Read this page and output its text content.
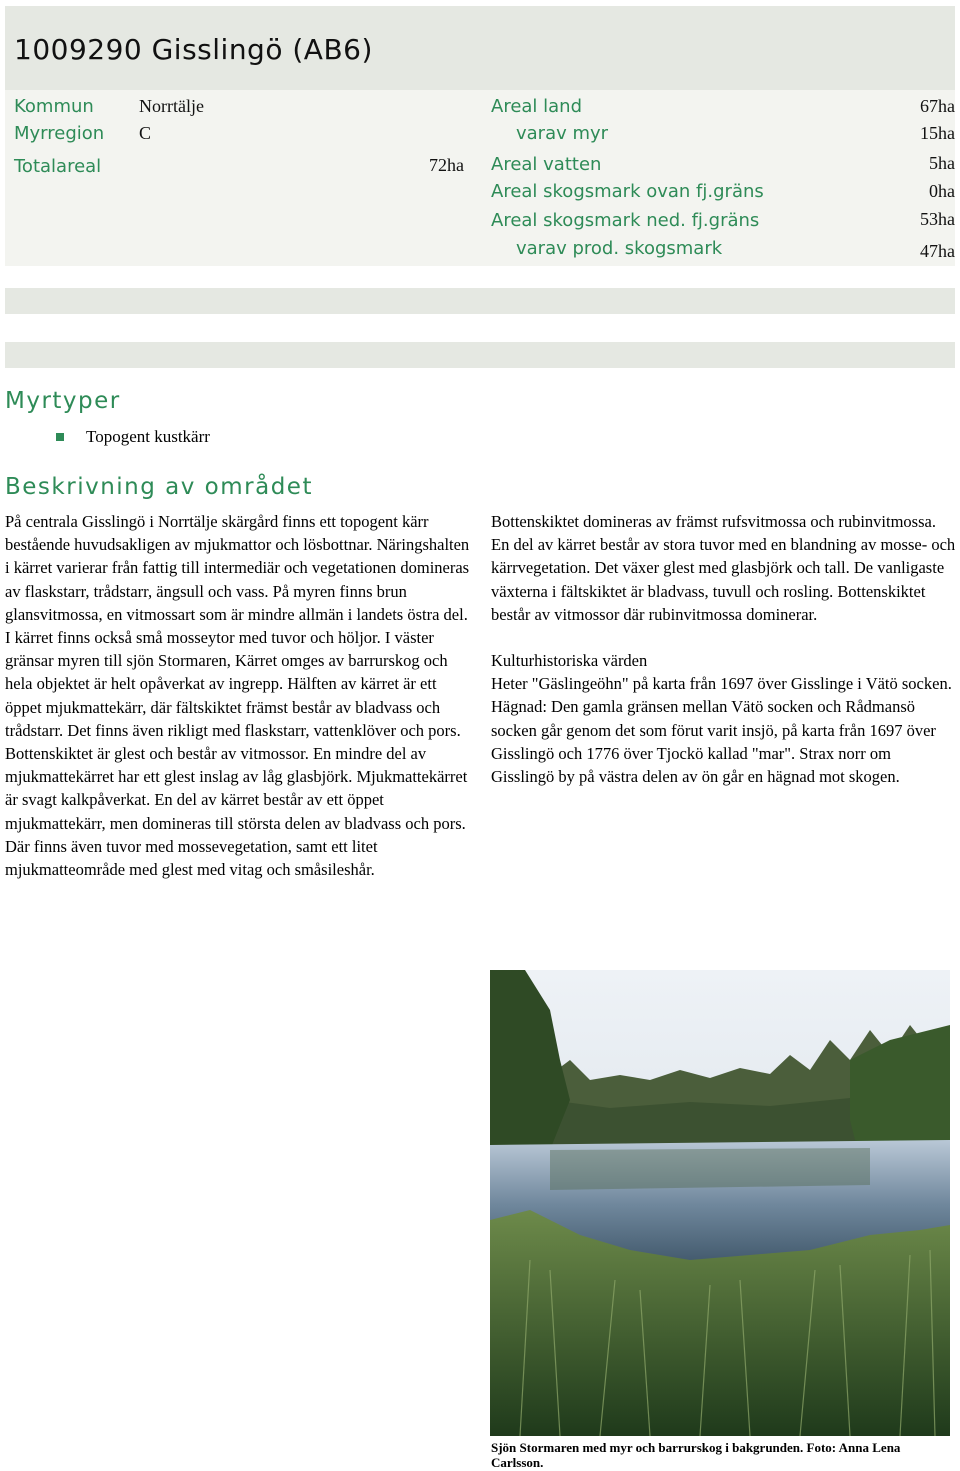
1009290 Gisslingö (AB6)
Kommun	Norrtälje
Myrregion C
Totalareal	72ha
Areal land	67ha
varav myr	15ha
Areal vatten	5ha
Areal skogsmark ovan fj.gräns	0ha
Areal skogsmark ned. fj.gräns	53ha
varav prod. skogsmark	47ha
Myrtyper
Topogent kustkärr
Beskrivning av området

På centrala Gisslingö i Norrtälje skärgård finns ett topogent kärr bestående huvudsakligen av mjukmattor och lösbottnar. Näringshalten i kärret varierar från fattig till intermediär och vegetationen domineras av flaskstarr, trådstarr, ängsull och vass. På myren finns brun glansvitmossa, en vitmossart som är mindre allmän i landets östra del. I kärret finns också små mosseytor med tuvor och höljor. I väster gränsar myren till sjön Stormaren, Kärret omges av barrurskog och hela objektet är helt opåverkat av ingrepp. Hälften av kärret är ett öppet mjukmattekärr, där fältskiktet främst består av bladvass och trådstarr. Det finns även rikligt med flaskstarr, vattenklöver och pors. Bottenskiktet är glest och består av vitmossor. En mindre del av mjukmattekärret har ett glest inslag av låg glasbjörk. Mjukmattekärret är svagt kalkpåverkat. En del av kärret består av ett öppet mjukmattekärr, men domineras till största delen av bladvass och pors. Där finns även tuvor med mossevegetation, samt ett litet mjukmatteområde med glest med vitag och småsileshår.

Bottenskiktet domineras av främst rufsvitmossa och rubinvitmossa. En del av kärret består av stora tuvor med en blandning av mosse- och kärrvegetation. Det växer glest med glasbjörk och tall. De vanligaste växterna i fältskiktet är bladvass, tuvull och rosling. Bottenskiktet består av vitmossor där rubinvitmossa dominerar.

Kulturhistoriska värden

Heter "Gäslingeöhn" på karta från 1697 över Gisslinge i Vätö socken.

Hägnad: Den gamla gränsen mellan Vätö socken och Rådmansö socken går genom det som förut varit insjö, på karta från 1697 över Gisslingö och 1776 över Tjockö kallad "mar". Strax norr om Gisslingö by på västra delen av ön går en hägnad mot skogen.

Sjön Stormaren med myr och barrurskog i bakgrunden. Foto: Anna Lena Carlsson.
